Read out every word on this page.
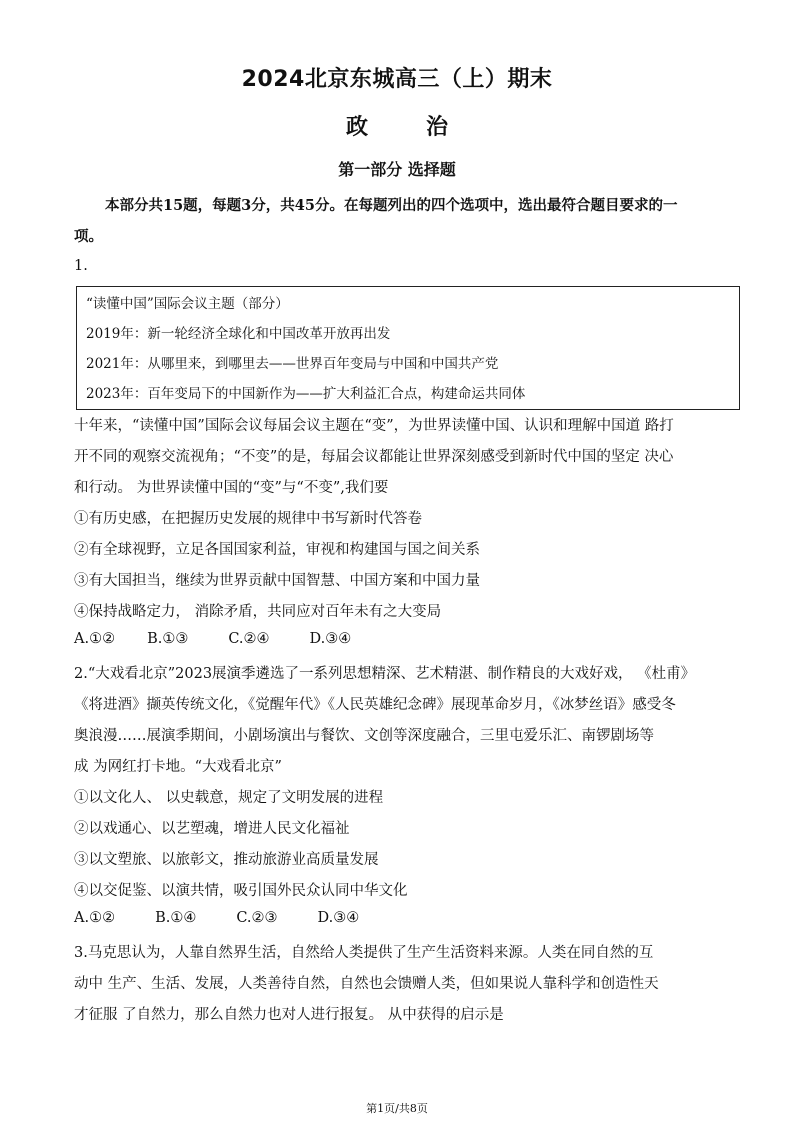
2024北京东城高三（上）期末
政	治
第一部分 选择题
本部分共15题，每题3分，共45分。在每题列出的四个选项中，选出最符合题目要求的一
项。
1.
“读懂中国”国际会议主题（部分）
2019年：新一轮经济全球化和中国改革开放再出发
2021年：从哪里来，到哪里去——世界百年变局与中国和中国共产党
2023年：百年变局下的中国新作为——扩大利益汇合点，构建命运共同体
十年来，“读懂中国”国际会议每届会议主题在“变”，为世界读懂中国、认识和理解中国道 路打
开不同的观察交流视角；“不变”的是，每届会议都能让世界深刻感受到新时代中国的坚定 决心
和行动。 为世界读懂中国的“变”与“不变”,我们要
①有历史感，在把握历史发展的规律中书写新时代答卷
②有全球视野，立足各国国家利益，审视和构建国与国之间关系
③有大国担当，继续为世界贡献中国智慧、中国方案和中国力量
④保持战略定力， 消除矛盾，共同应对百年未有之大变局
A.①② B.①③	C.②④	D.③④
2.“大戏看北京”2023展演季遴选了一系列思想精深、艺术精湛、制作精良的大戏好戏， 《杜甫》
《将进酒》撷英传统文化，《觉醒年代》《人民英雄纪念碑》展现革命岁月，《冰梦丝语》感受冬
奥浪漫……展演季期间，小剧场演出与餐饮、文创等深度融合，三里屯爱乐汇、南锣剧场等
成 为网红打卡地。“大戏看北京”
①以文化人、 以史载意，规定了文明发展的进程
②以戏通心、以艺塑魂，增进人民文化福祉
③以文塑旅、以旅彰文，推动旅游业高质量发展
④以交促鉴、以演共情，吸引国外民众认同中华文化
A.①②	B.①④	C.②③	D.③④
3.马克思认为，人靠自然界生活，自然给人类提供了生产生活资料来源。人类在同自然的互
动中 生产、生活、发展，人类善待自然，自然也会馈赠人类，但如果说人靠科学和创造性天
才征服 了自然力，那么自然力也对人进行报复。 从中获得的启示是
第1页/共8页
